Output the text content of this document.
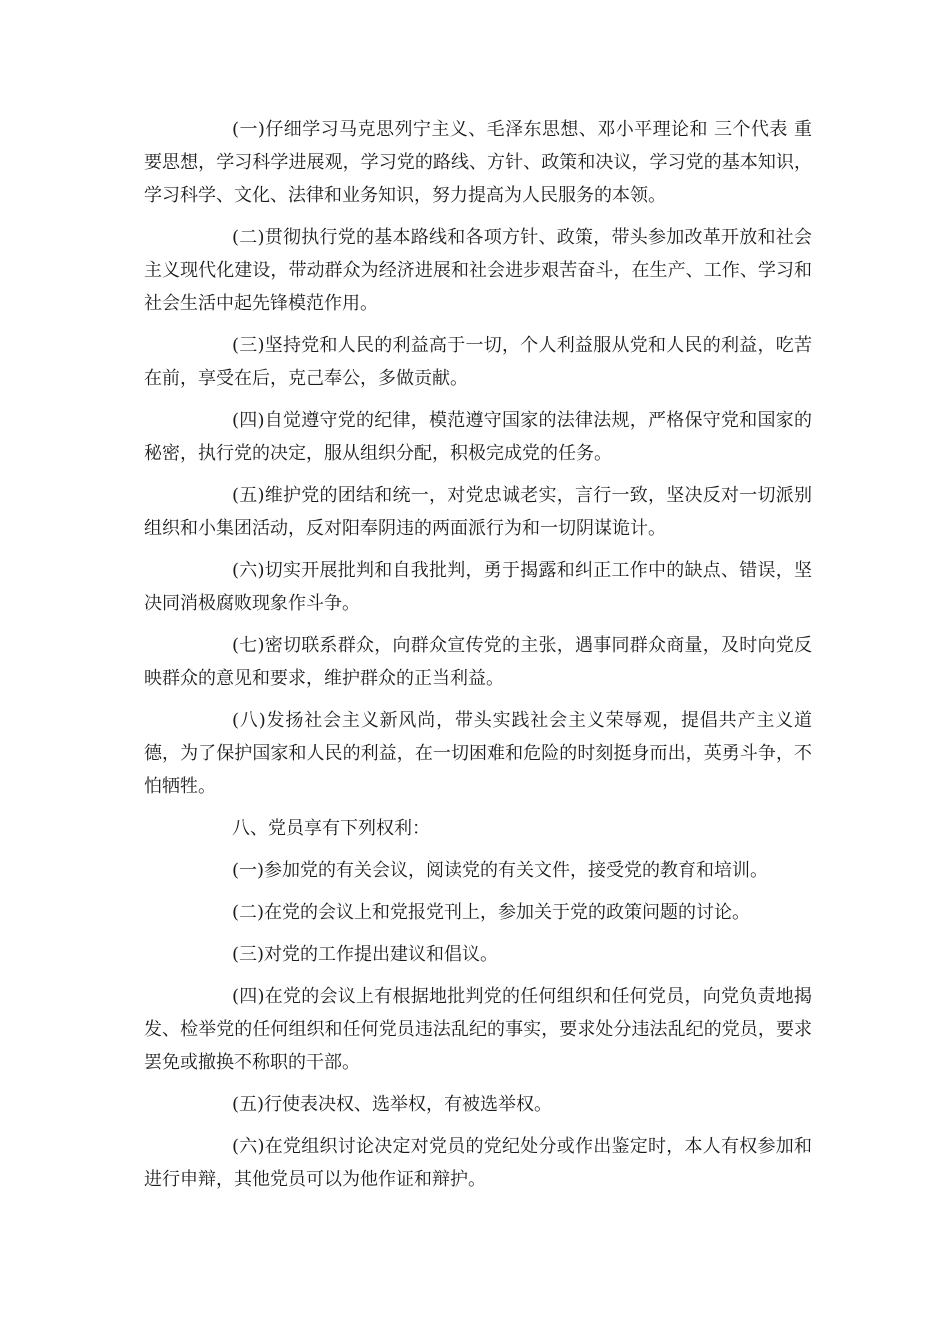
(一)仔细学习马克思列宁主义、毛泽东思想、邓小平理论和 三个代表 重要思想，学习科学进展观，学习党的路线、方针、政策和决议，学习党的基本知识，学习科学、文化、法律和业务知识，努力提高为人民服务的本领。

(二)贯彻执行党的基本路线和各项方针、政策，带头参加改革开放和社会主义现代化建设，带动群众为经济进展和社会进步艰苦奋斗，在生产、工作、学习和社会生活中起先锋模范作用。

(三)坚持党和人民的利益高于一切，个人利益服从党和人民的利益，吃苦在前，享受在后，克己奉公，多做贡献。

(四)自觉遵守党的纪律，模范遵守国家的法律法规，严格保守党和国家的秘密，执行党的决定，服从组织分配，积极完成党的任务。

(五)维护党的团结和统一，对党忠诚老实，言行一致，坚决反对一切派别组织和小集团活动，反对阳奉阴违的两面派行为和一切阴谋诡计。

(六)切实开展批判和自我批判，勇于揭露和纠正工作中的缺点、错误，坚决同消极腐败现象作斗争。

(七)密切联系群众，向群众宣传党的主张，遇事同群众商量，及时向党反映群众的意见和要求，维护群众的正当利益。

(八)发扬社会主义新风尚，带头实践社会主义荣辱观，提倡共产主义道德，为了保护国家和人民的利益，在一切困难和危险的时刻挺身而出，英勇斗争，不怕牺牲。

八、党员享有下列权利：

(一)参加党的有关会议，阅读党的有关文件，接受党的教育和培训。

(二)在党的会议上和党报党刊上，参加关于党的政策问题的讨论。

(三)对党的工作提出建议和倡议。

(四)在党的会议上有根据地批判党的任何组织和任何党员，向党负责地揭发、检举党的任何组织和任何党员违法乱纪的事实，要求处分违法乱纪的党员，要求罢免或撤换不称职的干部。

(五)行使表决权、选举权，有被选举权。

(六)在党组织讨论决定对党员的党纪处分或作出鉴定时，本人有权参加和进行申辩，其他党员可以为他作证和辩护。
